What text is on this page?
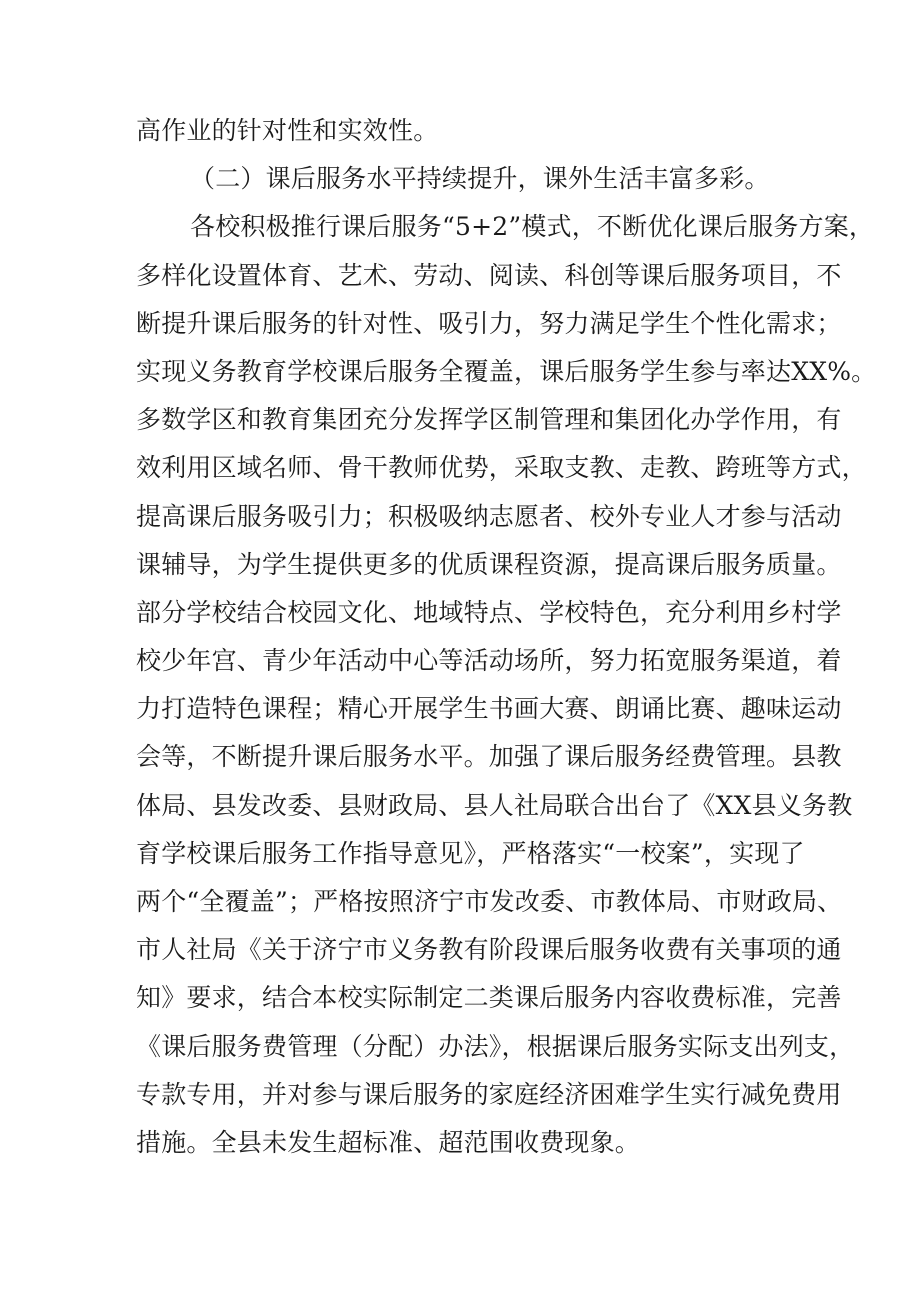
高作业的针对性和实效性。
（二）课后服务水平持续提升，课外生活丰富多彩。
各校积极推行课后服务“5+2”模式，不断优化课后服务方案，
多样化设置体育、艺术、劳动、阅读、科创等课后服务项目，不
断提升课后服务的针对性、吸引力，努力满足学生个性化需求；
实现义务教育学校课后服务全覆盖，课后服务学生参与率达XX%。
多数学区和教育集团充分发挥学区制管理和集团化办学作用，有
效利用区域名师、骨干教师优势，采取支教、走教、跨班等方式，
提高课后服务吸引力；积极吸纳志愿者、校外专业人才参与活动
课辅导，为学生提供更多的优质课程资源，提高课后服务质量。
部分学校结合校园文化、地域特点、学校特色，充分利用乡村学
校少年宫、青少年活动中心等活动场所，努力拓宽服务渠道，着
力打造特色课程；精心开展学生书画大赛、朗诵比赛、趣味运动
会等，不断提升课后服务水平。加强了课后服务经费管理。县教
体局、县发改委、县财政局、县人社局联合出台了《XX县义务教
育学校课后服务工作指导意见》，严格落实“一校案”，实现了
两个“全覆盖”；严格按照济宁市发改委、市教体局、市财政局、
市人社局《关于济宁市义务教有阶段课后服务收费有关事项的通
知》要求，结合本校实际制定二类课后服务内容收费标准，完善
《课后服务费管理（分配）办法》，根据课后服务实际支出列支，
专款专用，并对参与课后服务的家庭经济困难学生实行减免费用
措施。全县未发生超标准、超范围收费现象。
